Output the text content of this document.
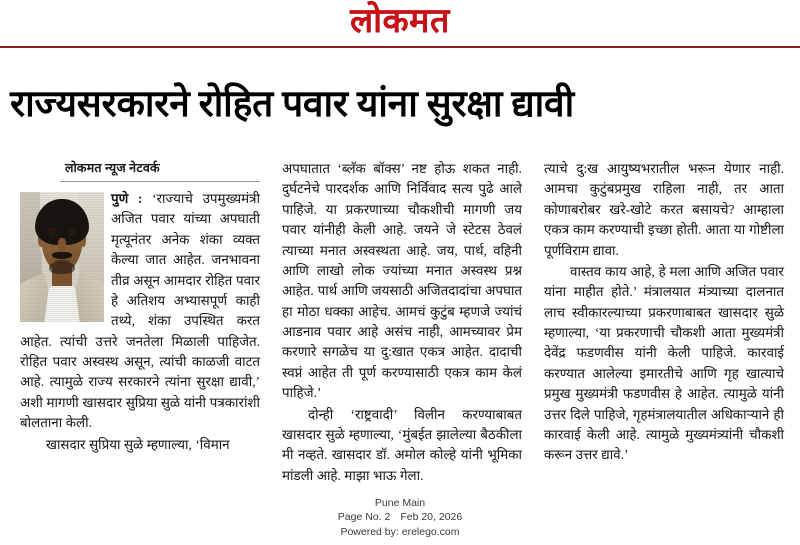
लोकमत
राज्यसरकारने रोहित पवार यांना सुरक्षा द्यावी
लोकमत न्यूज नेटवर्क

पुणे :
‘राज्याचे उपमुख्यमंत्री अजित पवार यांच्या अपघाती मृत्यूनंतर अनेक शंका व्यक्त केल्या जात आहेत. जनभावना तीव्र असून आमदार रोहित पवार हे अतिशय अभ्यासपूर्ण काही तथ्ये, शंका उपस्थित करत आहेत. त्यांची उत्तरे जनतेला मिळाली पाहिजेत. रोहित पवार अस्वस्थ असून, त्यांची काळजी वाटत आहे. त्यामुळे राज्य सरकारने त्यांना सुरक्षा द्यावी,’ अशी मागणी खासदार सुप्रिया सुळे यांनी पत्रकारांशी बोलताना केली.

खासदार सुप्रिया सुळे म्हणाल्या, ‘विमान

अपघातात ‘ब्लॅक बॉक्स’ नष्ट होऊ शकत नाही. दुर्घटनेचे पारदर्शक आणि निर्विवाद सत्य पुढे आले पाहिजे. या प्रकरणाच्या चौकशीची मागणी जय पवार यांनीही केली आहे. जयने जे स्टेटस ठेवलं त्याच्या मनात अस्वस्थता आहे. जय, पार्थ, वहिनी आणि लाखो लोक ज्यांच्या मनात अस्वस्थ प्रश्न आहेत. पार्थ आणि जयसाठी अजितदादांचा अपघात हा मोठा धक्का आहेच. आमचं कुटुंब म्हणजे ज्यांचं आडनाव पवार आहे असंच नाही, आमच्यावर प्रेम करणारे सगळेच या दु:खात एकत्र आहेत. दादाची स्वप्नं आहेत ती पूर्ण करण्यासाठी एकत्र काम केलं पाहिजे.’

दोन्ही ‘राष्ट्रवादी’ विलीन करण्याबाबत खासदार सुळे म्हणाल्या, ‘मुंबईत झालेल्या बैठकीला मी नव्हते. खासदार डॉ. अमोल कोल्हे यांनी भूमिका मांडली आहे. माझा भाऊ गेला.

त्याचे दु:ख आयुष्यभरातील भरून येणार नाही. आमचा कुटुंबप्रमुख राहिला नाही, तर आता कोणाबरोबर खरे-खोटे करत बसायचे? आम्हाला एकत्र काम करण्याची इच्छा होती. आता या गोष्टीला पूर्णविराम द्यावा.

वास्तव काय आहे, हे मला आणि अजित पवार यांना माहीत होते.’ मंत्रालयात मंत्र्याच्या दालनात लाच स्वीकारल्याच्या प्रकरणाबाबत खासदार सुळे म्हणाल्या, ‘या प्रकरणाची चौकशी आता मुख्यमंत्री देवेंद्र फडणवीस यांनी केली पाहिजे. कारवाई करण्यात आलेल्या इमारतीचे आणि गृह खात्याचे प्रमुख मुख्यमंत्री फडणवीस हे आहेत. त्यामुळे यांनी उत्तर दिले पाहिजे, गृहमंत्रालयातील अधिकाऱ्याने ही कारवाई केली आहे. त्यामुळे मुख्यमंत्र्यांनी चौकशी करून उत्तर द्यावे.’

Pune Main
Page No. 2 Feb 20, 2026
Powered by: erelego.com
